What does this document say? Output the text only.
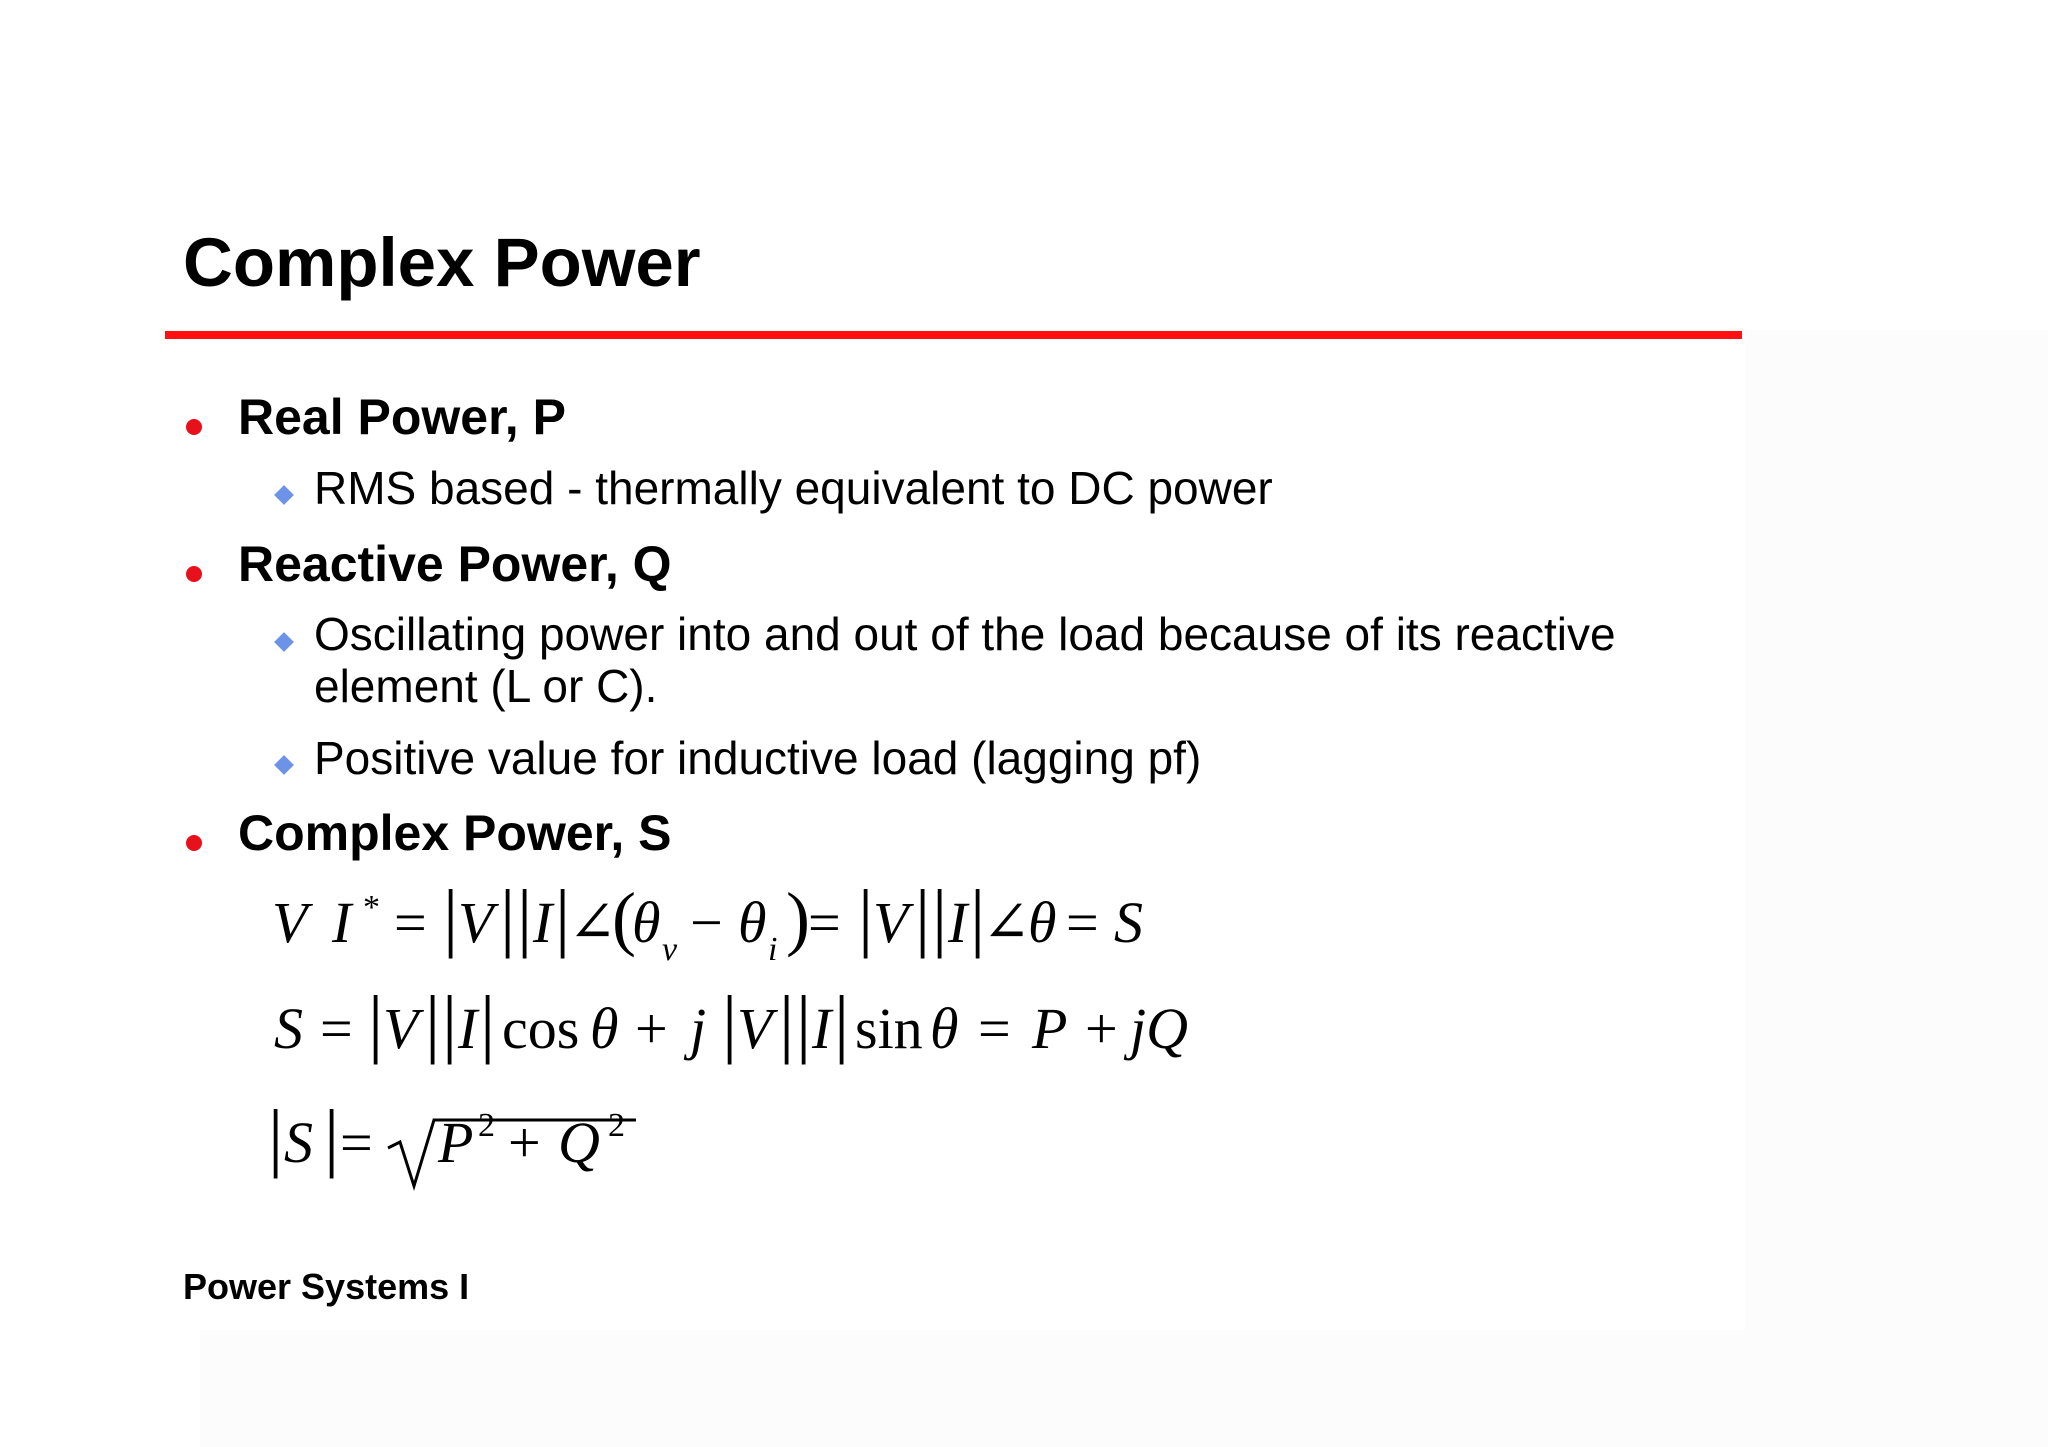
Complex Power
Real Power, P
RMS based - thermally equivalent to DC power
Reactive Power, Q
Oscillating power into and out of the load because of its reactive element (L or C).
Positive value for inductive load (lagging pf)
Complex Power, S
V I * = | V | | I |
∠
(
θ v − θ i )
= | V | | I |
∠
θ = S
S = | V | | I | cos θ + j | V | | I | sin θ = P + jQ
| S | = P 2 + Q 2
Power Systems I
